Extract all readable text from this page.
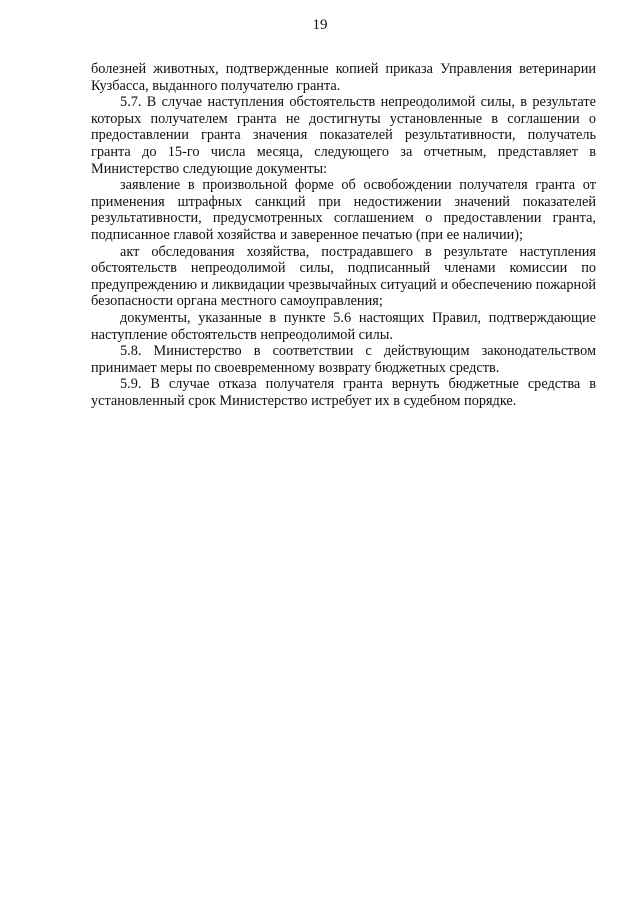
19

болезней животных, подтвержденные копией приказа Управления ветеринарии Кузбасса, выданного получателю гранта.

5.7. В случае наступления обстоятельств непреодолимой силы, в результате которых получателем гранта не достигнуты установленные в соглашении о предоставлении гранта значения показателей результативности, получатель гранта до 15-го числа месяца, следующего за отчетным, представляет в Министерство следующие документы:

заявление в произвольной форме об освобождении получателя гранта от применения штрафных санкций при недостижении значений показателей результативности, предусмотренных соглашением о предоставлении гранта, подписанное главой хозяйства и заверенное печатью (при ее наличии);

акт обследования хозяйства, пострадавшего в результате наступления обстоятельств непреодолимой силы, подписанный членами комиссии по предупреждению и ликвидации чрезвычайных ситуаций и обеспечению пожарной безопасности органа местного самоуправления;

документы, указанные в пункте 5.6 настоящих Правил, подтверждающие наступление обстоятельств непреодолимой силы.

5.8. Министерство в соответствии с действующим законодательством принимает меры по своевременному возврату бюджетных средств.

5.9. В случае отказа получателя гранта вернуть бюджетные средства в установленный срок Министерство истребует их в судебном порядке.
